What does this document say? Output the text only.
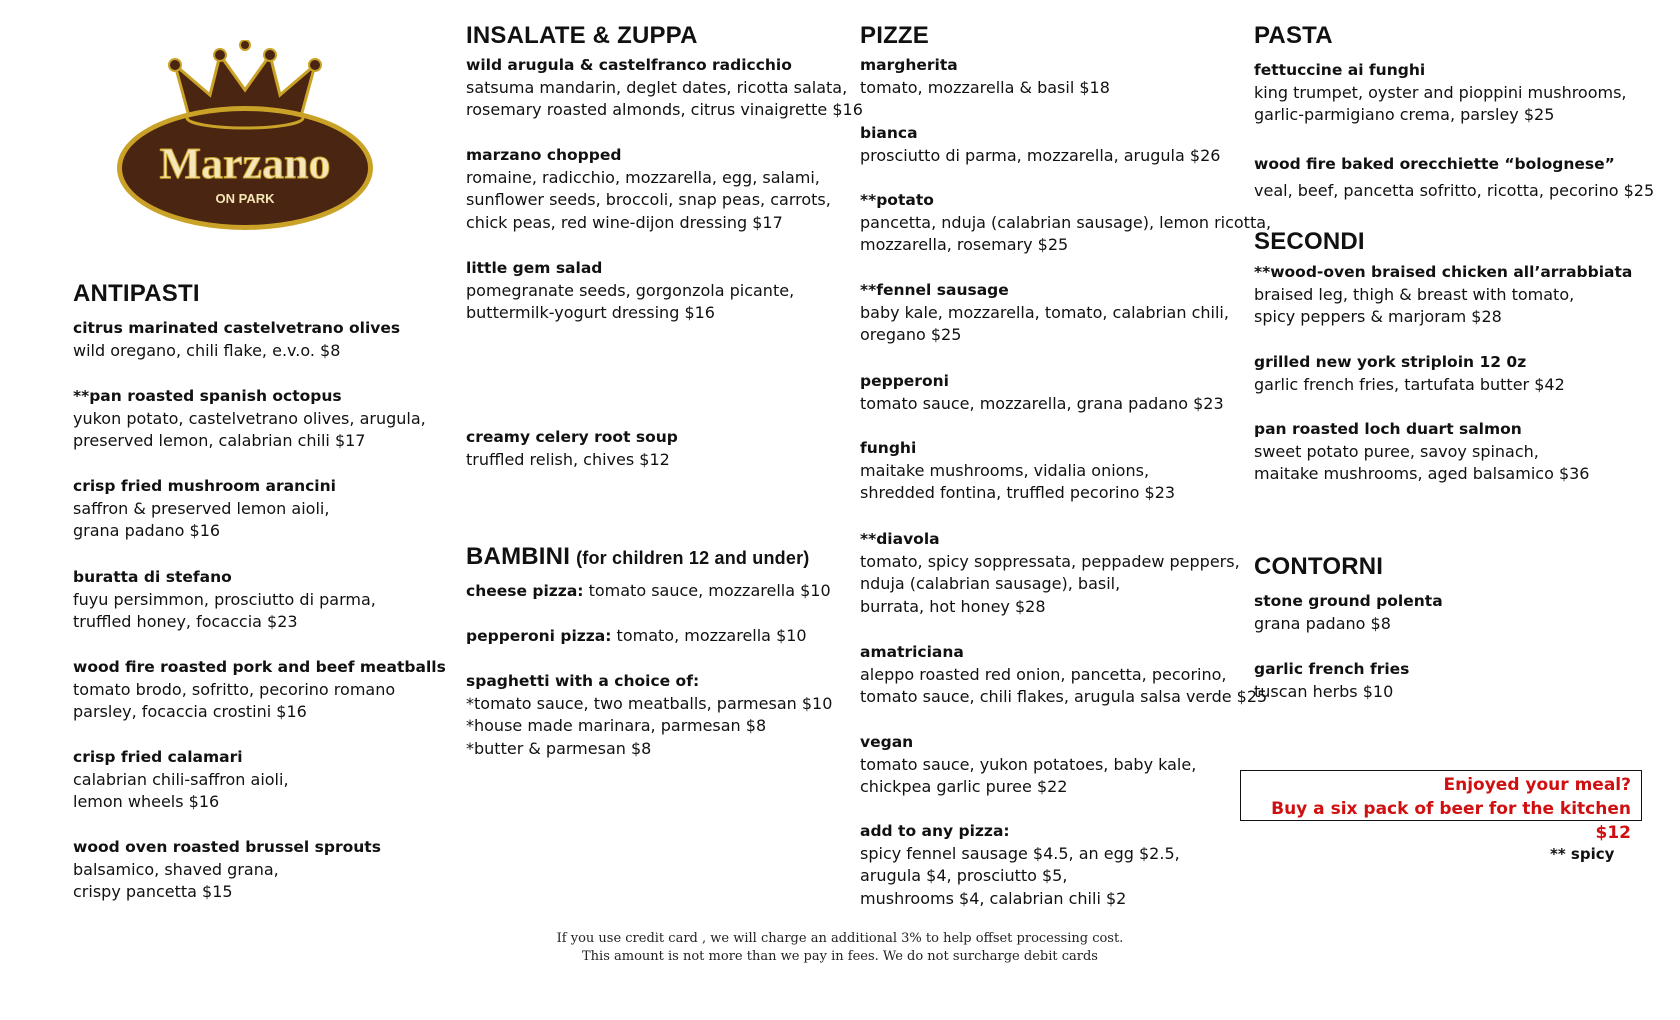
Marzano
ON PARK
ANTIPASTI
citrus marinated castelvetrano olives
wild oregano, chili flake, e.v.o. $8
**pan roasted spanish octopus
yukon potato, castelvetrano olives, arugula,
preserved lemon, calabrian chili $17
crisp fried mushroom arancini
saffron & preserved lemon aioli,
grana padano $16
buratta di stefano
fuyu persimmon, prosciutto di parma,
truffled honey, focaccia $23
wood fire roasted pork and beef meatballs
tomato brodo, sofritto, pecorino romano
parsley, focaccia crostini $16
crisp fried calamari
calabrian chili-saffron aioli,
lemon wheels $16
wood oven roasted brussel sprouts
balsamico, shaved grana,
crispy pancetta $15
INSALATE & ZUPPA
wild arugula & castelfranco radicchio
satsuma mandarin, deglet dates, ricotta salata,
rosemary roasted almonds, citrus vinaigrette $16
marzano chopped
romaine, radicchio, mozzarella, egg, salami,
sunflower seeds, broccoli, snap peas, carrots,
chick peas, red wine-dijon dressing $17
little gem salad
pomegranate seeds, gorgonzola picante,
buttermilk-yogurt dressing $16
creamy celery root soup
truffled relish, chives $12
BAMBINI (for children 12 and under)
cheese pizza: tomato sauce, mozzarella $10
pepperoni pizza: tomato, mozzarella $10
spaghetti with a choice of:
*tomato sauce, two meatballs, parmesan $10
*house made marinara, parmesan $8
*butter & parmesan $8
PIZZE
margherita
tomato, mozzarella & basil $18
bianca
prosciutto di parma, mozzarella, arugula $26
**potato
pancetta, nduja (calabrian sausage), lemon ricotta,
mozzarella, rosemary $25
**fennel sausage
baby kale, mozzarella, tomato, calabrian chili,
oregano $25
pepperoni
tomato sauce, mozzarella, grana padano $23
funghi
maitake mushrooms, vidalia onions,
shredded fontina, truffled pecorino $23
**diavola
tomato, spicy soppressata, peppadew peppers,
nduja (calabrian sausage), basil,
burrata, hot honey $28
amatriciana
aleppo roasted red onion, pancetta, pecorino,
tomato sauce, chili flakes, arugula salsa verde $25
vegan
tomato sauce, yukon potatoes, baby kale,
chickpea garlic puree $22
add to any pizza:
spicy fennel sausage $4.5, an egg $2.5,
arugula $4, prosciutto $5,
mushrooms $4, calabrian chili $2
PASTA
fettuccine ai funghi
king trumpet, oyster and pioppini mushrooms,
garlic-parmigiano crema, parsley $25
wood fire baked orecchiette “bolognese”
veal, beef, pancetta sofritto, ricotta, pecorino $25
SECONDI
**wood-oven braised chicken all’arrabbiata
braised leg, thigh & breast with tomato,
spicy peppers & marjoram $28
grilled new york striploin 12 0z
garlic french fries, tartufata butter $42
pan roasted loch duart salmon
sweet potato puree, savoy spinach,
maitake mushrooms, aged balsamico $36
CONTORNI
stone ground polenta
grana padano $8
garlic french fries
tuscan herbs $10
Enjoyed your meal?
Buy a six pack of beer for the kitchen $12
** spicy
If you use credit card , we will charge an additional 3% to help offset processing cost.
This amount is not more than we pay in fees. We do not surcharge debit cards
